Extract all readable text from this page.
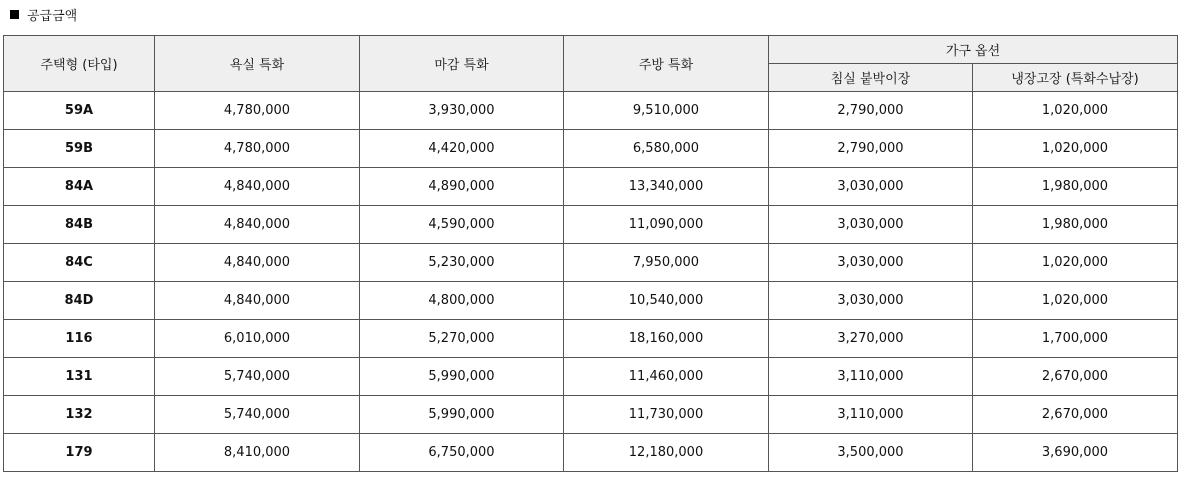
공급금액
주택형 (타입)	욕실 특화	마감 특화	주방 특화	가구 옵션	
				침실 붙박이장	냉장고장 (특화수납장)
59A	4,780,000	3,930,000	9,510,000	2,790,000	1,020,000
59B	4,780,000	4,420,000	6,580,000	2,790,000	1,020,000
84A	4,840,000	4,890,000	13,340,000	3,030,000	1,980,000
84B	4,840,000	4,590,000	11,090,000	3,030,000	1,980,000
84C	4,840,000	5,230,000	7,950,000	3,030,000	1,020,000
84D	4,840,000	4,800,000	10,540,000	3,030,000	1,020,000
116	6,010,000	5,270,000	18,160,000	3,270,000	1,700,000
131	5,740,000	5,990,000	11,460,000	3,110,000	2,670,000
132	5,740,000	5,990,000	11,730,000	3,110,000	2,670,000
179	8,410,000	6,750,000	12,180,000	3,500,000	3,690,000
